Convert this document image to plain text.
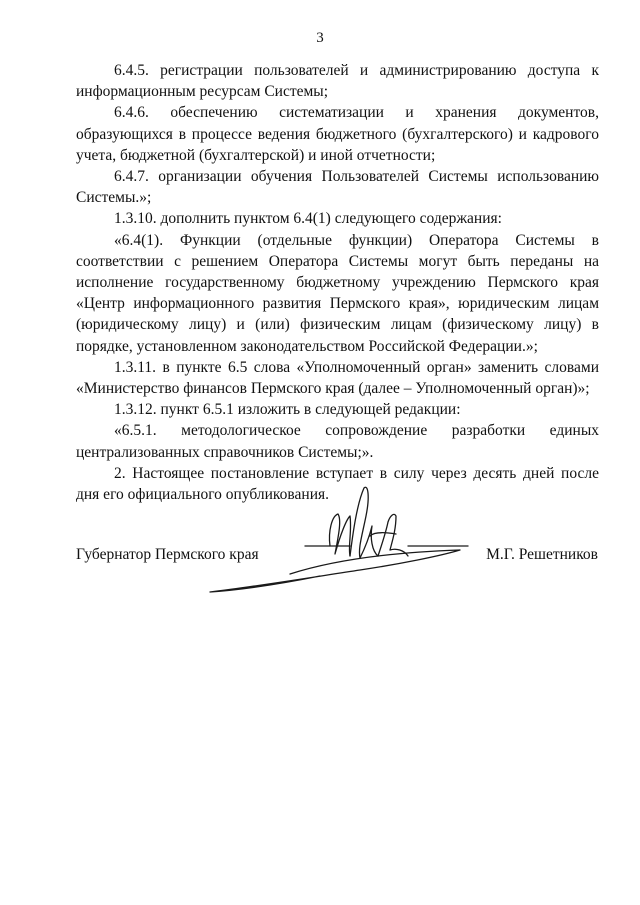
3

6.4.5. регистрации пользователей и администрированию доступа к информационным ресурсам Системы;

6.4.6. обеспечению систематизации и хранения документов, образующихся в процессе ведения бюджетного (бухгалтерского) и кадрового учета, бюджетной (бухгалтерской) и иной отчетности;

6.4.7. организации обучения Пользователей Системы использованию Системы.»;

1.3.10. дополнить пунктом 6.4(1) следующего содержания:

«6.4(1). Функции (отдельные функции) Оператора Системы в соответствии с решением Оператора Системы могут быть переданы на исполнение государственному бюджетному учреждению Пермского края «Центр информационного развития Пермского края», юридическим лицам (юридическому лицу) и (или) физическим лицам (физическому лицу) в порядке, установленном законодательством Российской Федерации.»;

1.3.11. в пункте 6.5 слова «Уполномоченный орган» заменить словами «Министерство финансов Пермского края (далее – Уполномоченный орган)»;

1.3.12. пункт 6.5.1 изложить в следующей редакции:

«6.5.1. методологическое сопровождение разработки единых централизованных справочников Системы;».

2. Настоящее постановление вступает в силу через десять дней после дня его официального опубликования.

Губернатор Пермского края	М.Г. Решетников
